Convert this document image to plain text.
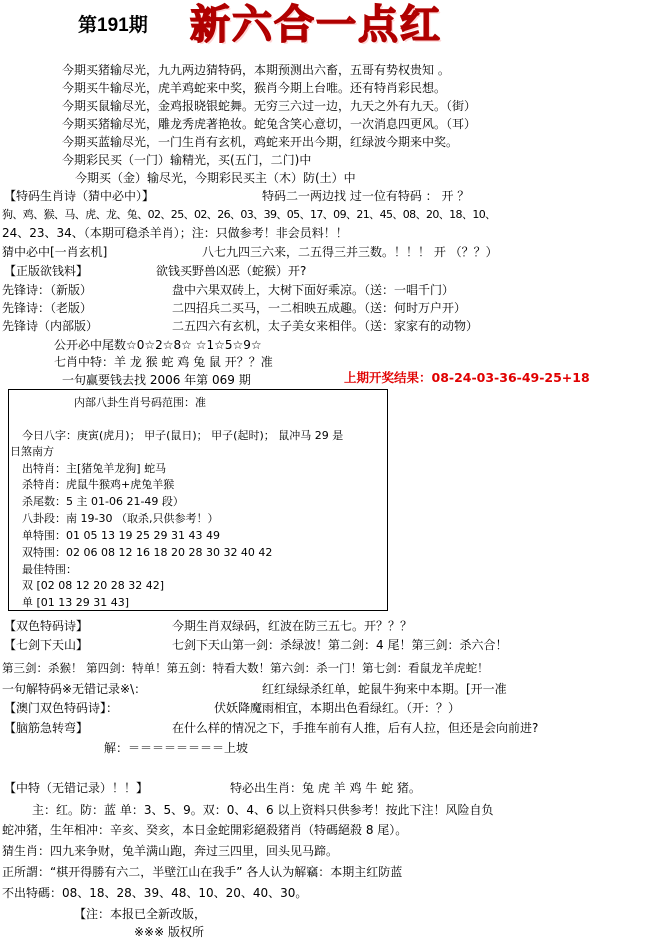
第191期 新六合一点红
今期买猪输尽光，九九两边猜特码，本期预测出六畜，五哥有势权贵知 。
今期买牛输尽光，虎羊鸡蛇来中奖，猴肖今期上台唯。还有特肖彩民想。
今期买鼠输尽光，金鸡报晓银蛇舞。无穷三六过一边，九天之外有九天。（街）
今期买猪输尽光，雕龙秀虎著艳妆。蛇兔含笑心意切，一次消息四更风。（耳）
今期买蓝输尽光，一门生肖有玄机，鸡蛇来开出今期，红绿波今期来中奖。
今期彩民买（一门）输精光，买(五门，二门)中
今期买（金）输尽光，今期彩民买主（木）防(土）中
【特码生肖诗（猜中必中）】	特码二一两边找 过一位有特码 ： 开 ？
狗、鸡、猴、马、虎、龙、兔、02、25、02、26、03、39、05、17、09、21、45、08、20、18、10、
24、23、34、（本期可稳杀羊肖）；注：只做参考！非会员料！！
猜中必中[一肖玄机]	八七九四三六来，二五得三并三数。！！！ 开 （？？）
【正版欲钱料】	欲钱买野兽凶恶（蛇猴）开?
先锋诗：（新版）	盘中六果双砖上，大树下面好乘凉。（送：一唱千门）
先锋诗：（老版）	二四招兵二买马，一二相映五成趣。（送：何时万户开）
先锋诗（内部版）	二五四六有玄机，太子美女来相伴。（送：家家有的动物）
公开必中尾数☆0☆2☆8☆ ☆1☆5☆9☆
七肖中特：羊 龙 猴 蛇 鸡 兔 鼠 开？？准
一句赢要钱去找 2006 年第 069 期	上期开奖结果：08-24-03-36-49-25+18
内部八卦生肖号码范围：准
今日八字：庚寅(虎月)； 甲子(鼠日)； 甲子(起时)； 鼠冲马 29 是
日煞南方
出特肖：主[猪兔羊龙狗] 蛇马
杀特肖：虎鼠牛猴鸡+虎兔羊猴
杀尾数：5 主 01-06 21-49 段）
八卦段：南 19-30 （取杀,只供参考！）
单特围：01 05 13 19 25 29 31 43 49
双特围：02 06 08 12 16 18 20 28 30 32 40 42
最佳特围：
双 [02 08 12 20 28 32 42]
单 [01 13 29 31 43]
【双色特码诗】	今期生肖双绿码，红波在防三五七。开？？？
【七剑下天山】	七剑下天山第一剑：杀绿波！第二剑：4 尾！第三剑：杀六合！
第三剑：杀猴！ 第四剑：特单！第五剑：特看大数！第六剑：杀一门！第七剑：看鼠龙羊虎蛇！
一句解特码※无错记录※\：	红红绿绿杀红单，蛇鼠牛狗来中本期。[开一准
【澳门双色特码诗】：	伏妖降魔雨相宜，本期出色看绿红。（开：？）
【脑筋急转弯】	在什么样的情况之下，手推车前有人推，后有人拉，但还是会向前进?
解：＝＝＝＝＝＝＝＝上坡
【中特（无错记录）！！】	特必出生肖：兔 虎 羊 鸡 牛 蛇 猪。
主：红。防：蓝 单：3、5、9。双：0、4、6 以上资料只供参考！按此下注！风险自负
蛇冲猪，生年相冲：辛亥、癸亥，本日金蛇開彩絕殺猪肖（特碼絕殺 8 尾）。
猜生肖：四九来争财，兔羊满山跑，奔过三四里，回头见马蹄。
正所謂：“棋开得勝有六二，半壁江山在我手” 各人认为解竊：本期主红防蓝
不出特碼：08、18、28、39、48、10、20、40、30。
【注：本报已全新改版，
※※※ 版权所
